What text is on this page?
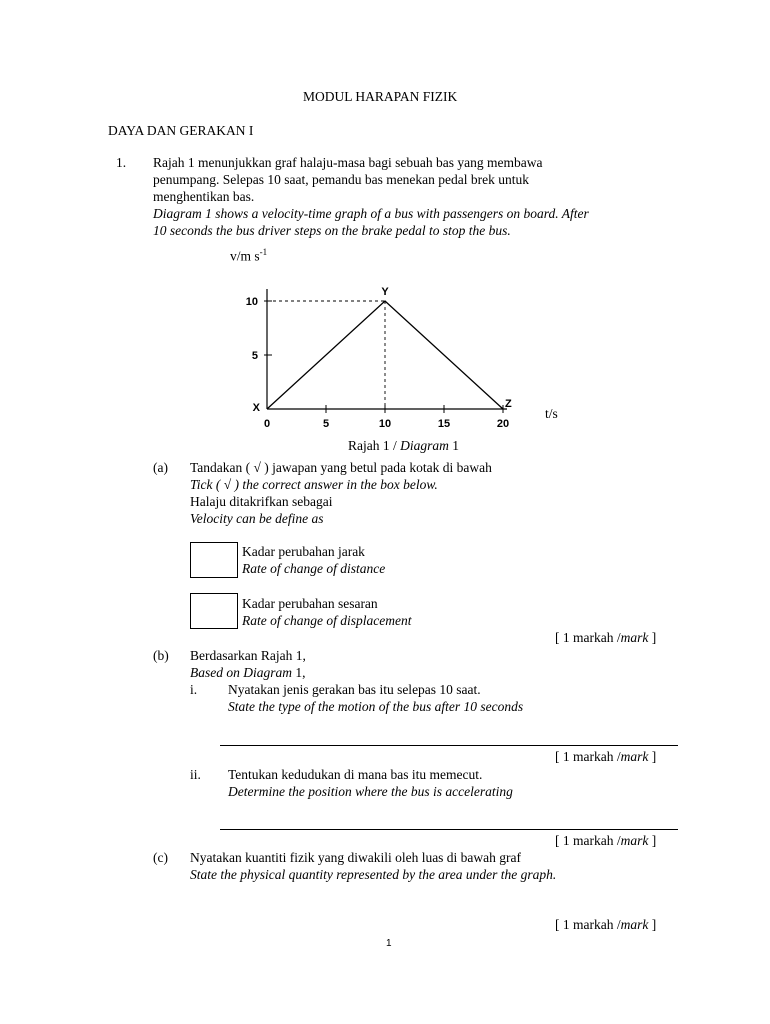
MODUL HARAPAN FIZIK
DAYA DAN GERAKAN I
1. Rajah 1 menunjukkan graf halaju-masa bagi sebuah bas yang membawa
penumpang. Selepas 10 saat, pemandu bas menekan pedal brek untuk
menghentikan bas.
Diagram 1 shows a velocity-time graph of a bus with passengers on board. After
10 seconds the bus driver steps on the brake pedal to stop the bus.
v/m $s^{-1}$
0	5	10	15	20
5
10
X
Y
Z
t/s
Rajah 1 / Diagram 1
(a) Tandakan ( √ ) jawapan yang betul pada kotak di bawah
Tick ( √ ) the correct answer in the box below.
Halaju ditakrifkan sebagai
Velocity can be define as
Kadar perubahan jarak
Rate of change of distance
Kadar perubahan sesaran
Rate of change of displacement
[ 1 markah /mark ]
(b) Berdasarkan Rajah 1,
Based on Diagram 1,
i. Nyatakan jenis gerakan bas itu selepas 10 saat.
State the type of the motion of the bus after 10 seconds
[ 1 markah /mark ]
ii. Tentukan kedudukan di mana bas itu memecut.
Determine the position where the bus is accelerating
[ 1 markah /mark ]
(c) Nyatakan kuantiti fizik yang diwakili oleh luas di bawah graf
State the physical quantity represented by the area under the graph.
[ 1 markah /mark ]
1
